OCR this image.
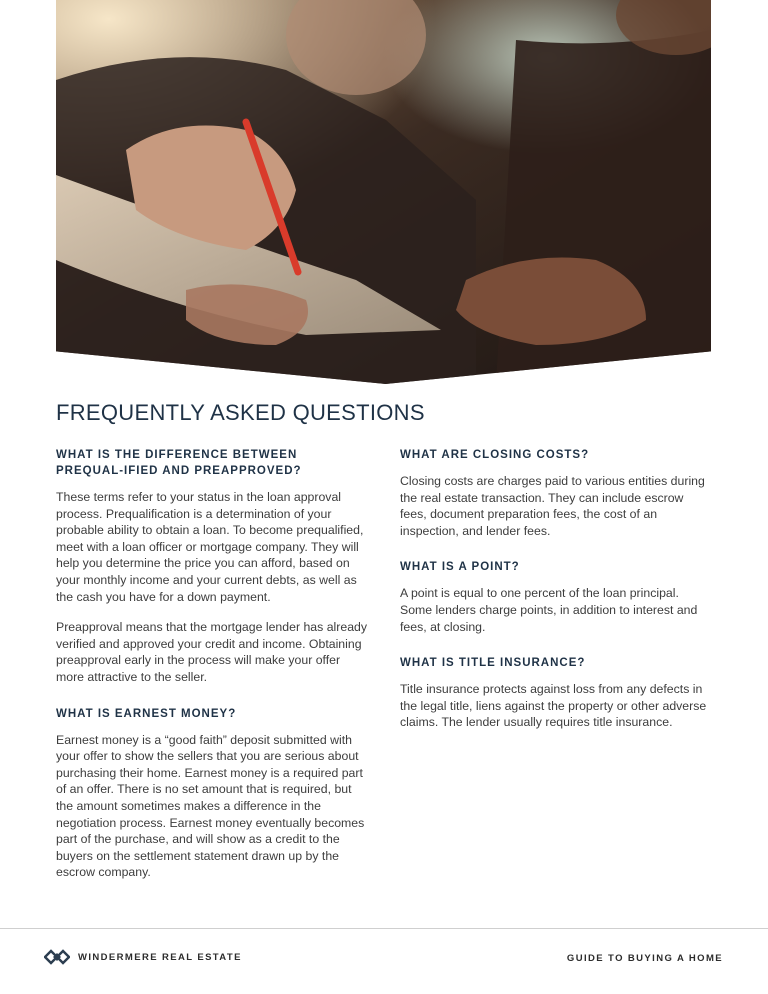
FREQUENTLY ASKED QUESTIONS
WHAT IS THE DIFFERENCE BETWEEN PREQUAL-IFIED AND PREAPPROVED?

These terms refer to your status in the loan approval process. Prequalification is a determination of your probable ability to obtain a loan. To become prequalified, meet with a loan officer or mortgage company. They will help you determine the price you can afford, based on your monthly income and your current debts, as well as the cash you have for a down payment.

Preapproval means that the mortgage lender has already verified and approved your credit and income. Obtaining preapproval early in the process will make your offer more attractive to the seller.

WHAT IS EARNEST MONEY?

Earnest money is a “good faith” deposit submitted with your offer to show the sellers that you are serious about purchasing their home. Earnest money is a required part of an offer. There is no set amount that is required, but the amount sometimes makes a difference in the negotiation process. Earnest money eventually becomes part of the purchase, and will show as a credit to the buyers on the settlement statement drawn up by the escrow company.

WHAT ARE CLOSING COSTS?

Closing costs are charges paid to various entities during the real estate transaction. They can include escrow fees, document preparation fees, the cost of an inspection, and lender fees.

WHAT IS A POINT?

A point is equal to one percent of the loan principal. Some lenders charge points, in addition to interest and fees, at closing.

WHAT IS TITLE INSURANCE?

Title insurance protects against loss from any defects in the legal title, liens against the property or other adverse claims. The lender usually requires title insurance.

WINDERMERE REAL ESTATE	GUIDE TO BUYING A HOME
